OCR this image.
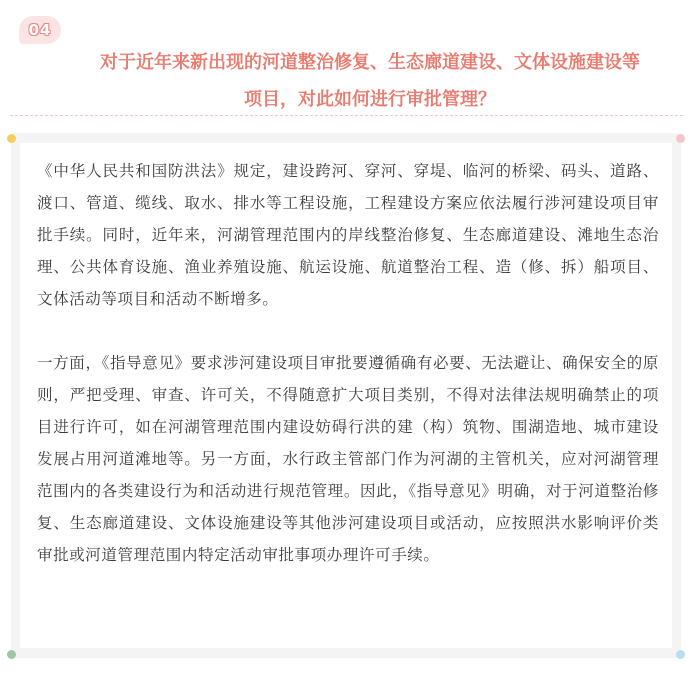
04
对于近年来新出现的河道整治修复、生态廊道建设、文体设施建设等
项目，对此如何进行审批管理？

《中华人民共和国防洪法》规定，建设跨河、穿河、穿堤、临河的桥梁、码头、道路、渡口、管道、缆线、取水、排水等工程设施，工程建设方案应依法履行涉河建设项目审批手续。同时，近年来，河湖管理范围内的岸线整治修复、生态廊道建设、滩地生态治理、公共体育设施、渔业养殖设施、航运设施、航道整治工程、造（修、拆）船项目、文体活动等项目和活动不断增多。

一方面，《指导意见》要求涉河建设项目审批要遵循确有必要、无法避让、确保安全的原则，严把受理、审查、许可关，不得随意扩大项目类别，不得对法律法规明确禁止的项目进行许可，如在河湖管理范围内建设妨碍行洪的建（构）筑物、围湖造地、城市建设发展占用河道滩地等。另一方面，水行政主管部门作为河湖的主管机关，应对河湖管理范围内的各类建设行为和活动进行规范管理。因此，《指导意见》明确，对于河道整治修复、生态廊道建设、文体设施建设等其他涉河建设项目或活动，应按照洪水影响评价类审批或河道管理范围内特定活动审批事项办理许可手续。
